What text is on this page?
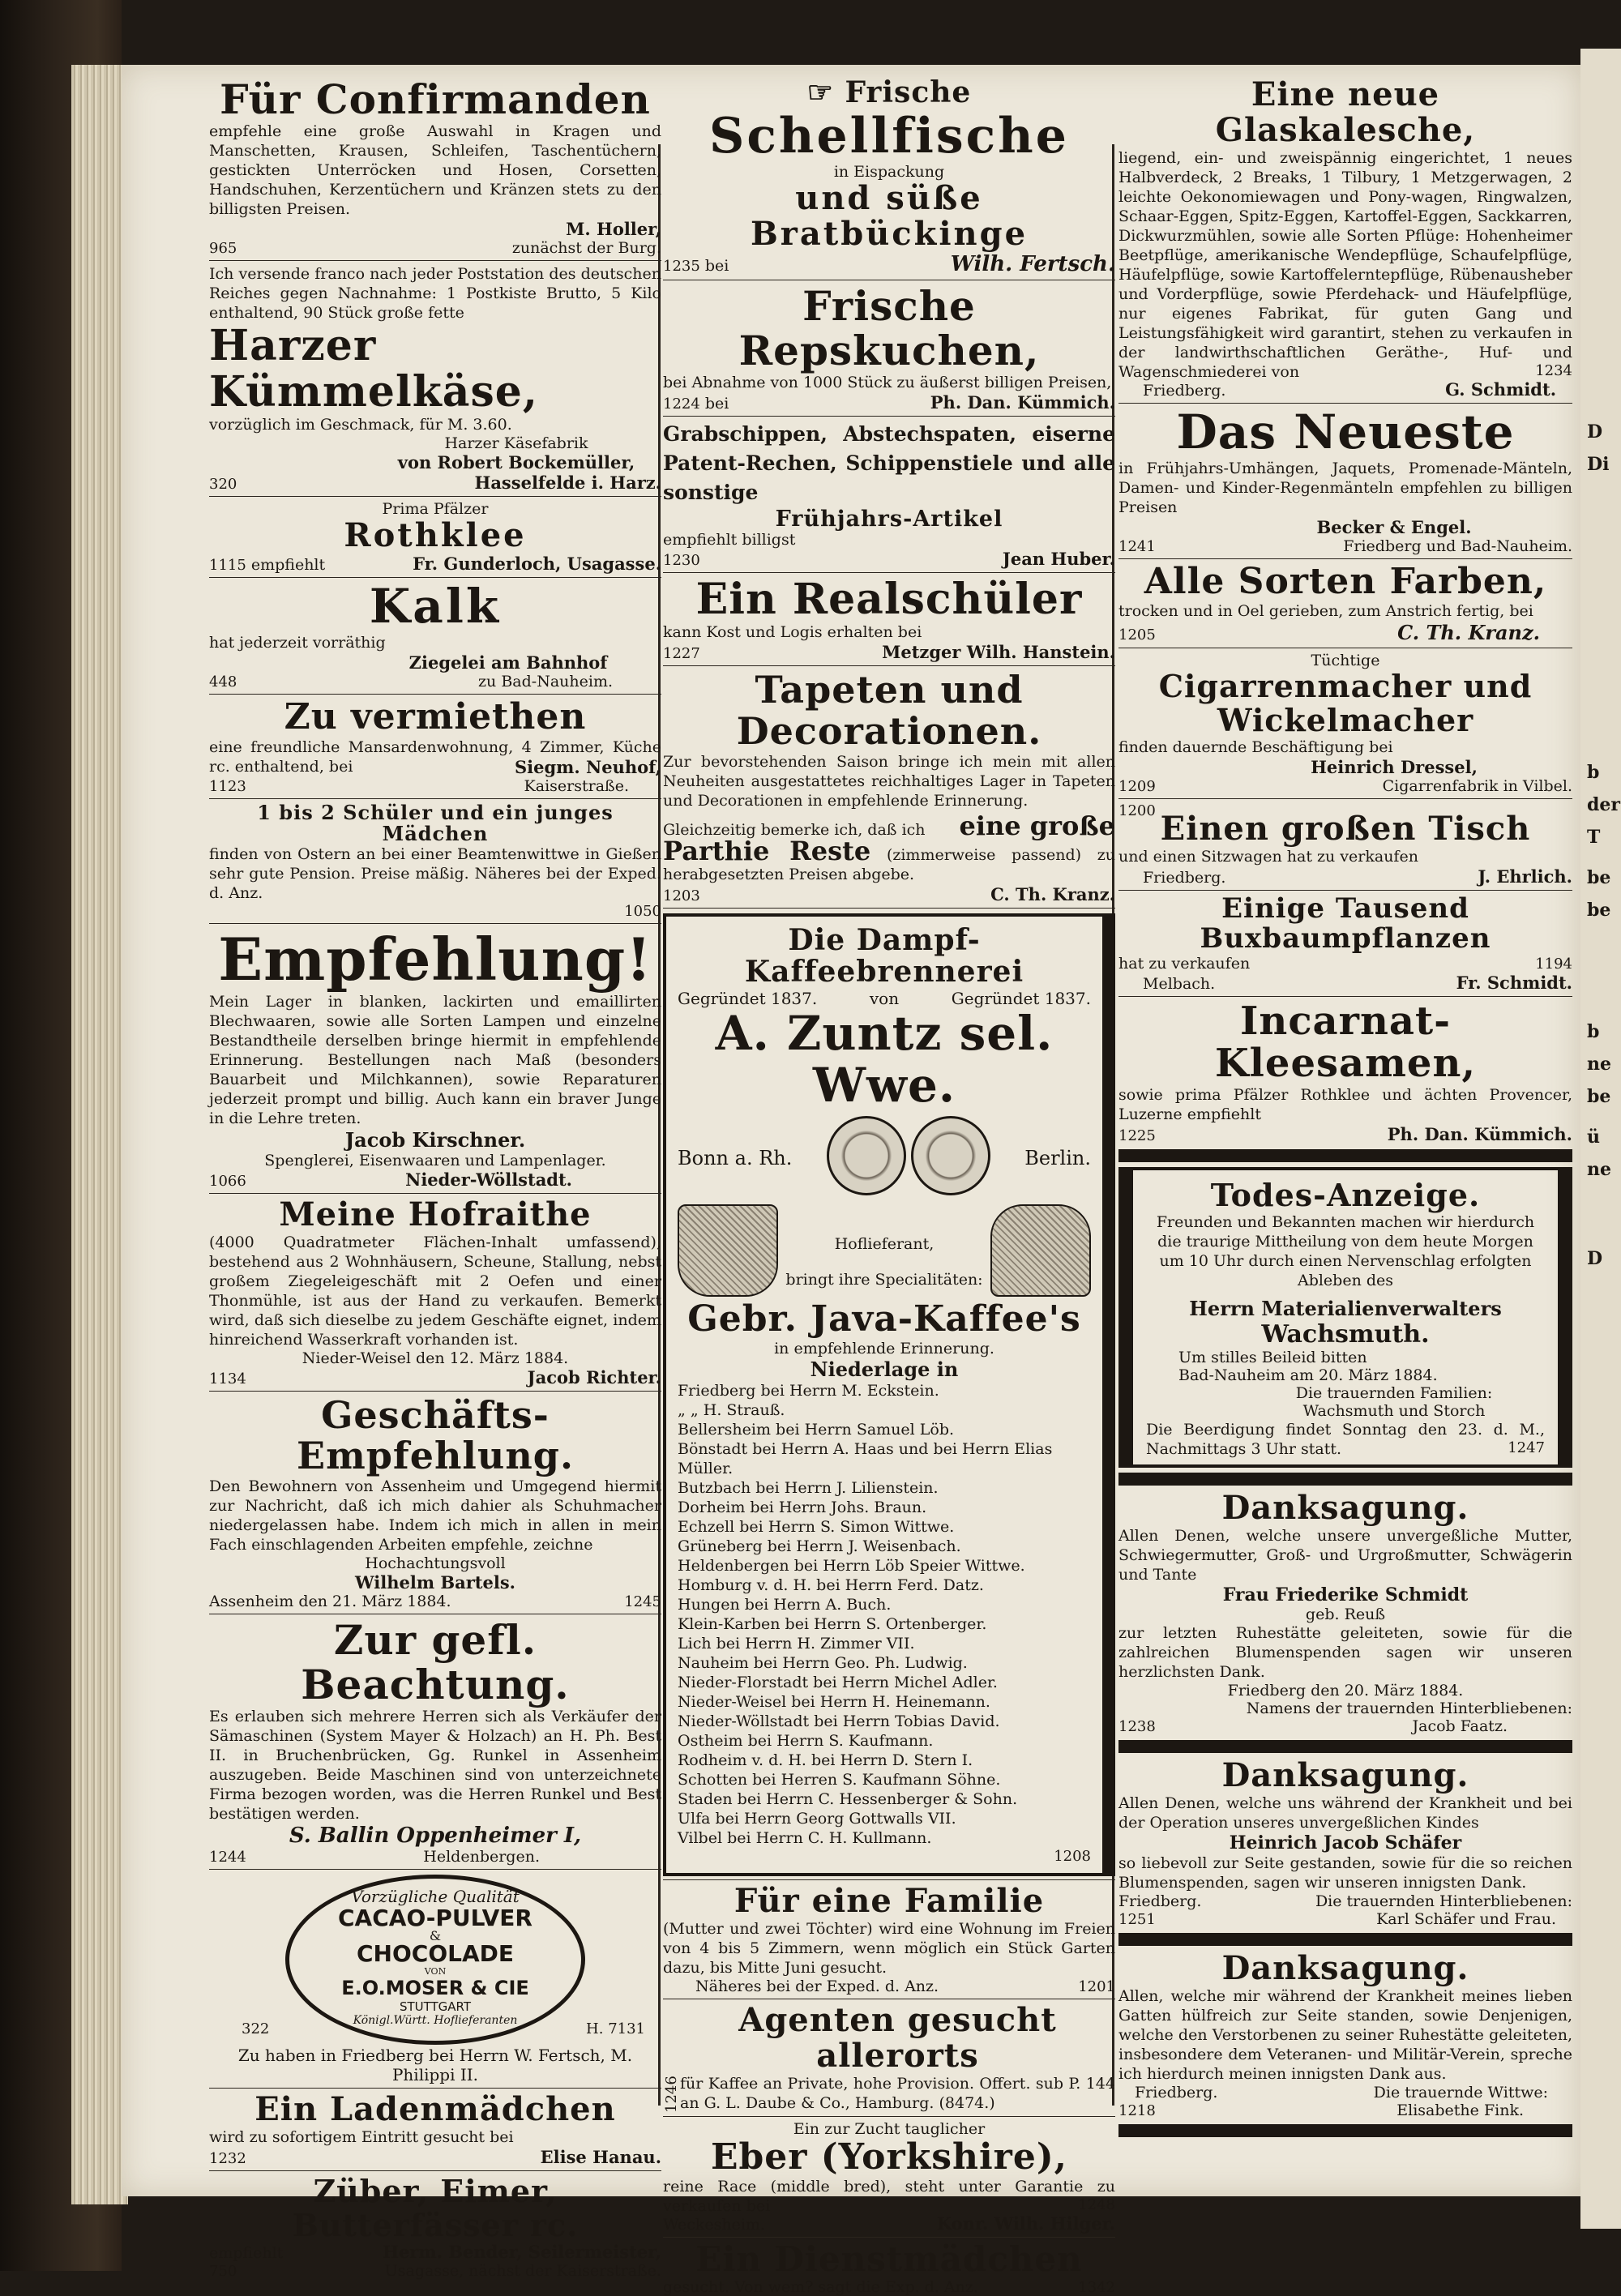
D
Di
b
der
T
be
be
b
ne
be
ü
ne
D
Für Confirmanden
empfehle eine große Auswahl in Kragen und Manschetten, Krausen, Schleifen, Taschentüchern, gestickten Unterröcken und Hosen, Corsetten, Handschuhen, Kerzentüchern und Kränzen stets zu den billigsten Preisen.
M. Holler,
965	zunächst der Burg.
Ich versende franco nach jeder Poststation des deutschen Reiches gegen Nachnahme: 1 Postkiste Brutto, 5 Kilo enthaltend, 90 Stück große fette
Harzer Kümmelkäse,
vorzüglich im Geschmack, für M. 3.60.
Harzer Käsefabrik
von Robert Bockemüller,
320	Hasselfelde i. Harz.
Prima Pfälzer
Rothklee
1115 empfiehlt	Fr. Gunderloch, Usagasse.
Kalk
hat jederzeit vorräthig
Ziegelei am Bahnhof
448	zu Bad-Nauheim.
Zu vermiethen
eine freundliche Mansardenwohnung, 4 Zimmer, Küche rc. enthaltend, bei	Siegm. Neuhof,
1123	Kaiserstraße.
1 bis 2 Schüler und ein junges Mädchen
finden von Ostern an bei einer Beamtenwittwe in Gießen sehr gute Pension. Preise mäßig. Näheres bei der Exped. d. Anz.
1050
Empfehlung!
Mein Lager in blanken, lackirten und emaillirten Blechwaaren, sowie alle Sorten Lampen und einzelne Bestandtheile derselben bringe hiermit in empfehlende Erinnerung. Bestellungen nach Maß (besonders Bauarbeit und Milchkannen), sowie Reparaturen jederzeit prompt und billig. Auch kann ein braver Junge in die Lehre treten.
Jacob Kirschner.
Spenglerei, Eisenwaaren und Lampenlager.
1066	Nieder-Wöllstadt.
Meine Hofraithe
(4000 Quadratmeter Flächen-Inhalt umfassend), bestehend aus 2 Wohnhäusern, Scheune, Stallung, nebst großem Ziegeleigeschäft mit 2 Oefen und einer Thonmühle, ist aus der Hand zu verkaufen. Bemerkt wird, daß sich dieselbe zu jedem Geschäfte eignet, indem hinreichend Wasserkraft vorhanden ist.
Nieder-Weisel den 12. März 1884.
1134	Jacob Richter.
Geschäfts-Empfehlung.
Den Bewohnern von Assenheim und Umgegend hiermit zur Nachricht, daß ich mich dahier als Schuhmacher niedergelassen habe. Indem ich mich in allen in mein Fach einschlagenden Arbeiten empfehle, zeichne
Hochachtungsvoll
Wilhelm Bartels.
Assenheim den 21. März 1884.	1245
Zur gefl. Beachtung.
Es erlauben sich mehrere Herren sich als Verkäufer der Sämaschinen (System Mayer & Holzach) an H. Ph. Best II. in Bruchenbrücken, Gg. Runkel in Assenheim auszugeben. Beide Maschinen sind von unterzeichnete Firma bezogen worden, was die Herren Runkel und Best bestätigen werden.
S. Ballin Oppenheimer I,
1244	Heldenbergen.
Vorzügliche Qualität
CACAO-PULVER
&
CHOCOLADE
VON
E.O.MOSER & CIE
STUTTGART
Königl.Württ. Hoflieferanten
322	H. 7131
Zu haben in Friedberg bei Herrn W. Fertsch, M. Philippi II.
Ein Ladenmädchen
wird zu sofortigem Eintritt gesucht bei
1232	Elise Hanau.
Züber, Eimer, Butterfässer rc.
empfiehlt	Herm. Bender, Seilermeister,
750	Usagasse, nächst der Kaiserstraße.
☞ Frische
Schellfische
in Eispackung
und süße Bratbückinge
1235 bei	Wilh. Fertsch.
Frische Repskuchen,
bei Abnahme von 1000 Stück zu äußerst billigen Preisen,
1224 bei	Ph. Dan. Kümmich.
Grabschippen, Abstechspaten, eiserne Patent-Rechen, Schippenstiele und alle sonstige
Frühjahrs-Artikel
empfiehlt billigst
1230	Jean Huber.
Ein Realschüler
kann Kost und Logis erhalten bei
1227	Metzger Wilh. Hanstein.
Tapeten und Decorationen.
Zur bevorstehenden Saison bringe ich mein mit allen Neuheiten ausgestattetes reichhaltiges Lager in Tapeten und Decorationen in empfehlende Erinnerung.
Gleichzeitig bemerke ich, daß ich eine große
Parthie Reste (zimmerweise passend) zu herabgesetzten Preisen abgebe.
1203	C. Th. Kranz.
Die Dampf-Kaffeebrennerei
Gegründet 1837.	von	Gegründet 1837.
A. Zuntz sel. Wwe.
Bonn a. Rh.	Berlin.
Hoflieferant,
bringt ihre Specialitäten:
Gebr. Java-Kaffee's
in empfehlende Erinnerung.
Niederlage in
Friedberg bei Herrn M. Eckstein.
„ „ H. Strauß.
Bellersheim bei Herrn Samuel Löb.
Bönstadt bei Herrn A. Haas und bei Herrn Elias Müller.
Butzbach bei Herrn J. Lilienstein.
Dorheim bei Herrn Johs. Braun.
Echzell bei Herrn S. Simon Wittwe.
Grüneberg bei Herrn J. Weisenbach.
Heldenbergen bei Herrn Löb Speier Wittwe.
Homburg v. d. H. bei Herrn Ferd. Datz.
Hungen bei Herrn A. Buch.
Klein-Karben bei Herrn S. Ortenberger.
Lich bei Herrn H. Zimmer VII.
Nauheim bei Herrn Geo. Ph. Ludwig.
Nieder-Florstadt bei Herrn Michel Adler.
Nieder-Weisel bei Herrn H. Heinemann.
Nieder-Wöllstadt bei Herrn Tobias David.
Ostheim bei Herrn S. Kaufmann.
Rodheim v. d. H. bei Herrn D. Stern I.
Schotten bei Herren S. Kaufmann Söhne.
Staden bei Herrn C. Hessenberger & Sohn.
Ulfa bei Herrn Georg Gottwalls VII.
Vilbel bei Herrn C. H. Kullmann.
1208
Für eine Familie
(Mutter und zwei Töchter) wird eine Wohnung im Freien von 4 bis 5 Zimmern, wenn möglich ein Stück Garten dazu, bis Mitte Juni gesucht.
Näheres bei der Exped. d. Anz.	1201
1246
Agenten gesucht allerorts
für Kaffee an Private, hohe Provision. Offert. sub P. 144 an G. L. Daube & Co., Hamburg. (8474.)
Ein zur Zucht tauglicher
Eber (Yorkshire),
reine Race (middle bred), steht unter Garantie zu verkaufen bei	1248
Weckesheim.	Konr. Wilh. Hilger.
Ein Dienstmädchen
gesucht. Von wem? sagt die Exp. d. Anz.	1342
Eine neue Glaskalesche,
liegend, ein- und zweispännig eingerichtet, 1 neues Halbverdeck, 2 Breaks, 1 Tilbury, 1 Metzgerwagen, 2 leichte Oekonomiewagen und Pony-wagen, Ringwalzen, Schaar-Eggen, Spitz-Eggen, Kartoffel-Eggen, Sackkarren, Dickwurzmühlen, sowie alle Sorten Pflüge: Hohenheimer Beetpflüge, amerikanische Wendepflüge, Schaufelpflüge, Häufelpflüge, sowie Kartoffelerntepflüge, Rübenausheber und Vorderpflüge, sowie Pferdehack- und Häufelpflüge, nur eigenes Fabrikat, für guten Gang und Leistungsfähigkeit wird garantirt, stehen zu verkaufen in der landwirthschaftlichen Geräthe-, Huf- und Wagenschmiederei von	1234
Friedberg.	G. Schmidt.
Das Neueste
in Frühjahrs-Umhängen, Jaquets, Promenade-Mänteln, Damen- und Kinder-Regenmänteln empfehlen zu billigen Preisen
Becker & Engel.
1241	Friedberg und Bad-Nauheim.
Alle Sorten Farben,
trocken und in Oel gerieben, zum Anstrich fertig, bei
1205	C. Th. Kranz.
Tüchtige
Cigarrenmacher und Wickelmacher
finden dauernde Beschäftigung bei
Heinrich Dressel,
1209	Cigarrenfabrik in Vilbel.
1200 Einen großen Tisch
und einen Sitzwagen hat zu verkaufen
Friedberg.	J. Ehrlich.
Einige Tausend Buxbaumpflanzen
hat zu verkaufen	1194
Melbach.	Fr. Schmidt.
Incarnat-Kleesamen,
sowie prima Pfälzer Rothklee und ächten Provencer, Luzerne empfiehlt
1225	Ph. Dan. Kümmich.
Todes-Anzeige.
Freunden und Bekannten machen wir hierdurch die traurige Mittheilung von dem heute Morgen um 10 Uhr durch einen Nervenschlag erfolgten Ableben des
Herrn Materialienverwalters
Wachsmuth.
Um stilles Beileid bitten
Bad-Nauheim am 20. März 1884.
Die trauernden Familien:
Wachsmuth und Storch
Die Beerdigung findet Sonntag den 23. d. M., Nachmittags 3 Uhr statt.	1247
Danksagung.
Allen Denen, welche unsere unvergeßliche Mutter, Schwiegermutter, Groß- und Urgroßmutter, Schwägerin und Tante
Frau Friederike Schmidt
geb. Reuß
zur letzten Ruhestätte geleiteten, sowie für die zahlreichen Blumenspenden sagen wir unseren herzlichsten Dank.
Friedberg den 20. März 1884.
Namens der trauernden Hinterbliebenen:
1238	Jacob Faatz.
Danksagung.
Allen Denen, welche uns während der Krankheit und bei der Operation unseres unvergeßlichen Kindes
Heinrich Jacob Schäfer
so liebevoll zur Seite gestanden, sowie für die so reichen Blumenspenden, sagen wir unseren innigsten Dank.
Friedberg.	Die trauernden Hinterbliebenen:
1251	Karl Schäfer und Frau.
Danksagung.
Allen, welche mir während der Krankheit meines lieben Gatten hülfreich zur Seite standen, sowie Denjenigen, welche den Verstorbenen zu seiner Ruhestätte geleiteten, insbesondere dem Veteranen- und Militär-Verein, spreche ich hierdurch meinen innigsten Dank aus.
Friedberg.	Die trauernde Wittwe:
1218	Elisabethe Fink.
